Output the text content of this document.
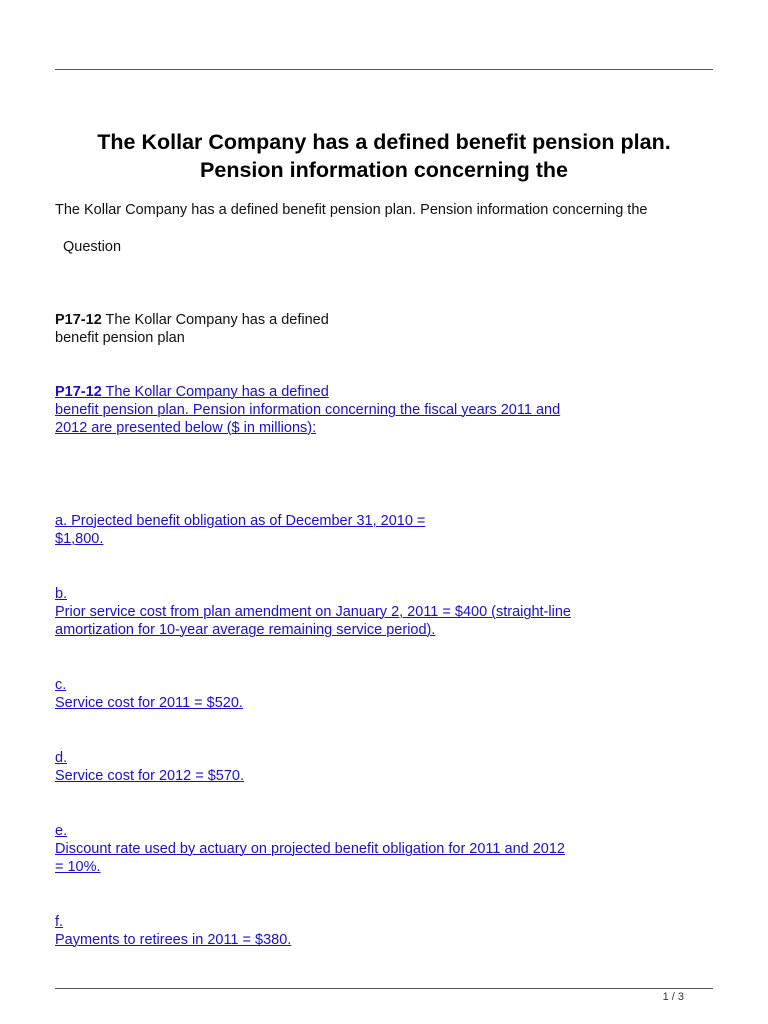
The Kollar Company has a defined benefit pension plan.
Pension information concerning the

The Kollar Company has a defined benefit pension plan. Pension information concerning the

Question

P17-12 The Kollar Company has a defined
benefit pension plan

P17-12 The Kollar Company has a defined
benefit pension plan. Pension information concerning the fiscal years 2011 and
2012 are presented below ($ in millions):

a. Projected benefit obligation as of December 31, 2010 =
$1,800.

b.
Prior service cost from plan amendment on January 2, 2011 = $400 (straight-line
amortization for 10-year average remaining service period).

c.
Service cost for 2011 = $520.

d.
Service cost for 2012 = $570.

e.
Discount rate used by actuary on projected benefit obligation for 2011 and 2012
= 10%.

f.
Payments to retirees in 2011 = $380.

1 / 3
